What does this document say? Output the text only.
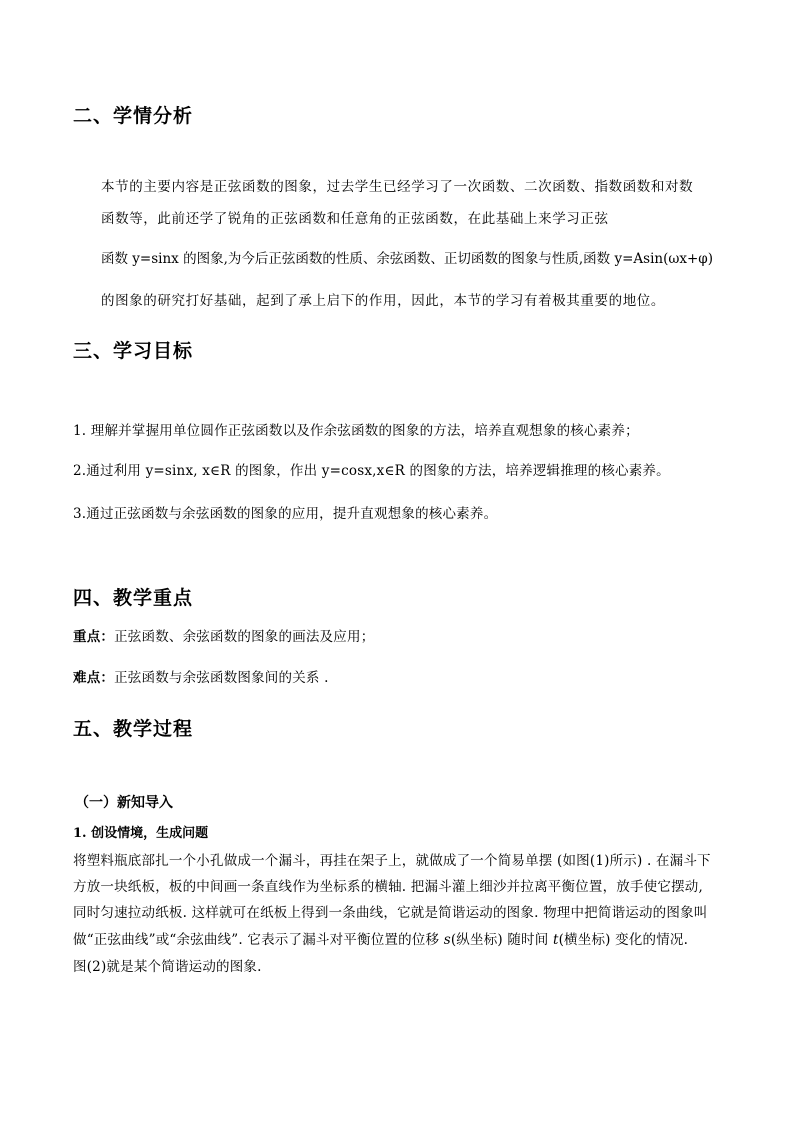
二、学情分析
本节的主要内容是正弦函数的图象，过去学生已经学习了一次函数、二次函数、指数函数和对数
函数等，此前还学了锐角的正弦函数和任意角的正弦函数，在此基础上来学习正弦
函数 y=sinx 的图象,为今后正弦函数的性质、余弦函数、正切函数的图象与性质,函数 y=Asin(ωx+φ)
的图象的研究打好基础，起到了承上启下的作用，因此，本节的学习有着极其重要的地位。
三、学习目标
1. 理解并掌握用单位圆作正弦函数以及作余弦函数的图象的方法，培养直观想象的核心素养；
2.通过利用 y=sinx, x∈R 的图象，作出 y=cosx,x∈R 的图象的方法，培养逻辑推理的核心素养。
3.通过正弦函数与余弦函数的图象的应用，提升直观想象的核心素养。
四、教学重点
重点：正弦函数、余弦函数的图象的画法及应用；
难点：正弦函数与余弦函数图象间的关系 .
五、教学过程
（一）新知导入
1. 创设情境，生成问题
将塑料瓶底部扎一个小孔做成一个漏斗，再挂在架子上，就做成了一个简易单摆 (如图(1)所示) . 在漏斗下
方放一块纸板，板的中间画一条直线作为坐标系的横轴. 把漏斗灌上细沙并拉离平衡位置，放手使它摆动,
同时匀速拉动纸板. 这样就可在纸板上得到一条曲线，它就是简谐运动的图象. 物理中把简谐运动的图象叫
做“正弦曲线”或“余弦曲线”. 它表示了漏斗对平衡位置的位移 s(纵坐标) 随时间 t(横坐标) 变化的情况.
图(2)就是某个简谐运动的图象.
